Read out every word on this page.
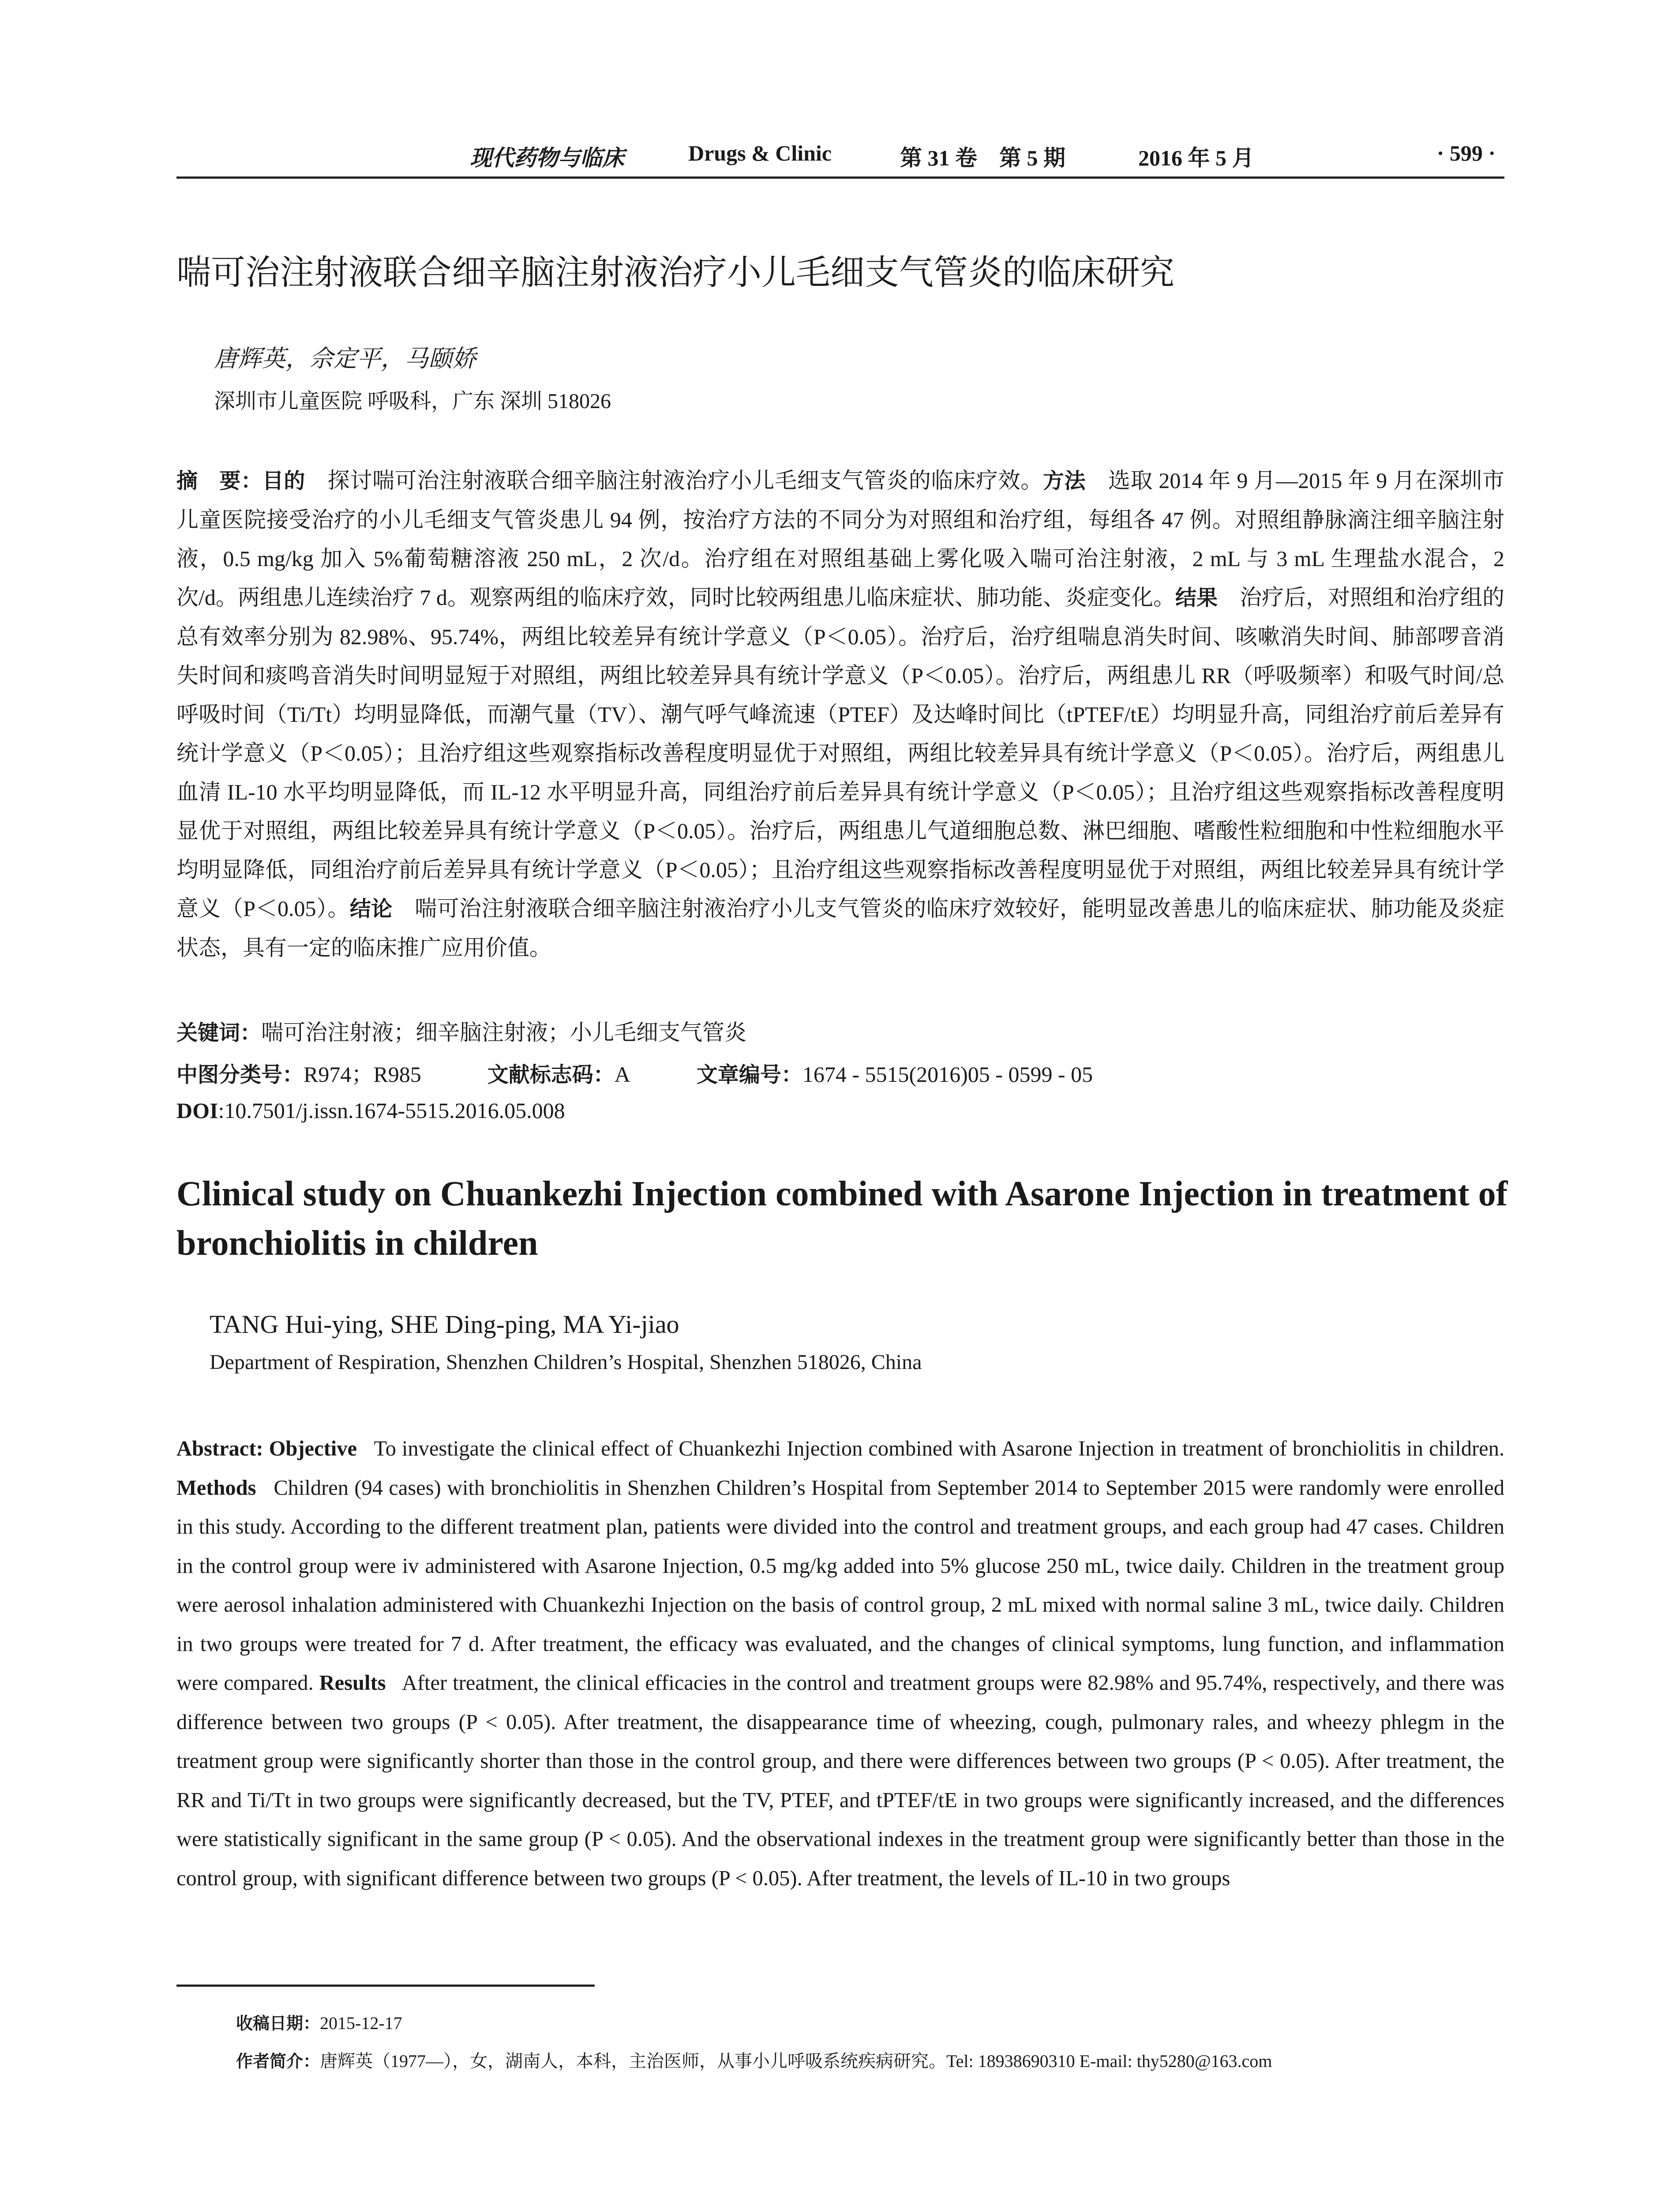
现代药物与临床	Drugs & Clinic	第 31 卷　第 5 期	2016 年 5 月	· 599 ·
喘可治注射液联合细辛脑注射液治疗小儿毛细支气管炎的临床研究
唐辉英，佘定平，马颐娇
深圳市儿童医院 呼吸科，广东 深圳 518026
摘　要：目的　 探讨喘可治注射液联合细辛脑注射液治疗小儿毛细支气管炎的临床疗效。方法　 选取 2014 年 9 月—2015 年 9 月在深圳市儿童医院接受治疗的小儿毛细支气管炎患儿 94 例，按治疗方法的不同分为对照组和治疗组，每组各 47 例。对照组静脉滴注细辛脑注射液，0.5 mg/kg 加入 5%葡萄糖溶液 250 mL，2 次/d。治疗组在对照组基础上雾化吸入喘可治注射液，2 mL 与 3 mL 生理盐水混合，2 次/d。两组患儿连续治疗 7 d。观察两组的临床疗效，同时比较两组患儿临床症状、肺功能、炎症变化。结果　 治疗后，对照组和治疗组的总有效率分别为 82.98%、95.74%，两组比较差异有统计学意义（P＜0.05）。治疗后，治疗组喘息消失时间、咳嗽消失时间、肺部啰音消失时间和痰鸣音消失时间明显短于对照组，两组比较差异具有统计学意义（P＜0.05）。治疗后，两组患儿 RR（呼吸频率）和吸气时间/总呼吸时间（Ti/Tt）均明显降低，而潮气量（TV）、潮气呼气峰流速（PTEF）及达峰时间比（tPTEF/tE）均明显升高，同组治疗前后差异有统计学意义（P＜0.05）；且治疗组这些观察指标改善程度明显优于对照组，两组比较差异具有统计学意义（P＜0.05）。治疗后，两组患儿血清 IL-10 水平均明显降低，而 IL-12 水平明显升高，同组治疗前后差异具有统计学意义（P＜0.05）；且治疗组这些观察指标改善程度明显优于对照组，两组比较差异具有统计学意义（P＜0.05）。治疗后，两组患儿气道细胞总数、淋巴细胞、嗜酸性粒细胞和中性粒细胞水平均明显降低，同组治疗前后差异具有统计学意义（P＜0.05）；且治疗组这些观察指标改善程度明显优于对照组，两组比较差异具有统计学意义（P＜0.05）。结论　 喘可治注射液联合细辛脑注射液治疗小儿支气管炎的临床疗效较好，能明显改善患儿的临床症状、肺功能及炎症状态，具有一定的临床推广应用价值。
关键词：喘可治注射液；细辛脑注射液；小儿毛细支气管炎
中图分类号：R974；R985	文献标志码：A	文章编号：1674 - 5515(2016)05 - 0599 - 05
DOI:10.7501/j.issn.1674-5515.2016.05.008
Clinical study on Chuankezhi Injection combined with Asarone Injection in treatment of bronchiolitis in children
TANG Hui-ying, SHE Ding-ping, MA Yi-jiao
Department of Respiration, Shenzhen Children’s Hospital, Shenzhen 518026, China
Abstract: Objective To investigate the clinical effect of Chuankezhi Injection combined with Asarone Injection in treatment of bronchiolitis in children. Methods Children (94 cases) with bronchiolitis in Shenzhen Children’s Hospital from September 2014 to September 2015 were randomly were enrolled in this study. According to the different treatment plan, patients were divided into the control and treatment groups, and each group had 47 cases. Children in the control group were iv administered with Asarone Injection, 0.5 mg/kg added into 5% glucose 250 mL, twice daily. Children in the treatment group were aerosol inhalation administered with Chuankezhi Injection on the basis of control group, 2 mL mixed with normal saline 3 mL, twice daily. Children in two groups were treated for 7 d. After treatment, the efficacy was evaluated, and the changes of clinical symptoms, lung function, and inflammation were compared. Results After treatment, the clinical efficacies in the control and treatment groups were 82.98% and 95.74%, respectively, and there was difference between two groups (P < 0.05). After treatment, the disappearance time of wheezing, cough, pulmonary rales, and wheezy phlegm in the treatment group were significantly shorter than those in the control group, and there were differences between two groups (P < 0.05). After treatment, the RR and Ti/Tt in two groups were significantly decreased, but the TV, PTEF, and tPTEF/tE in two groups were significantly increased, and the differences were statistically significant in the same group (P < 0.05). And the observational indexes in the treatment group were significantly better than those in the control group, with significant difference between two groups (P < 0.05). After treatment, the levels of IL-10 in two groups
收稿日期：2015-12-17
作者简介：唐辉英（1977—），女，湖南人，本科，主治医师，从事小儿呼吸系统疾病研究。Tel: 18938690310 E-mail: thy5280@163.com
